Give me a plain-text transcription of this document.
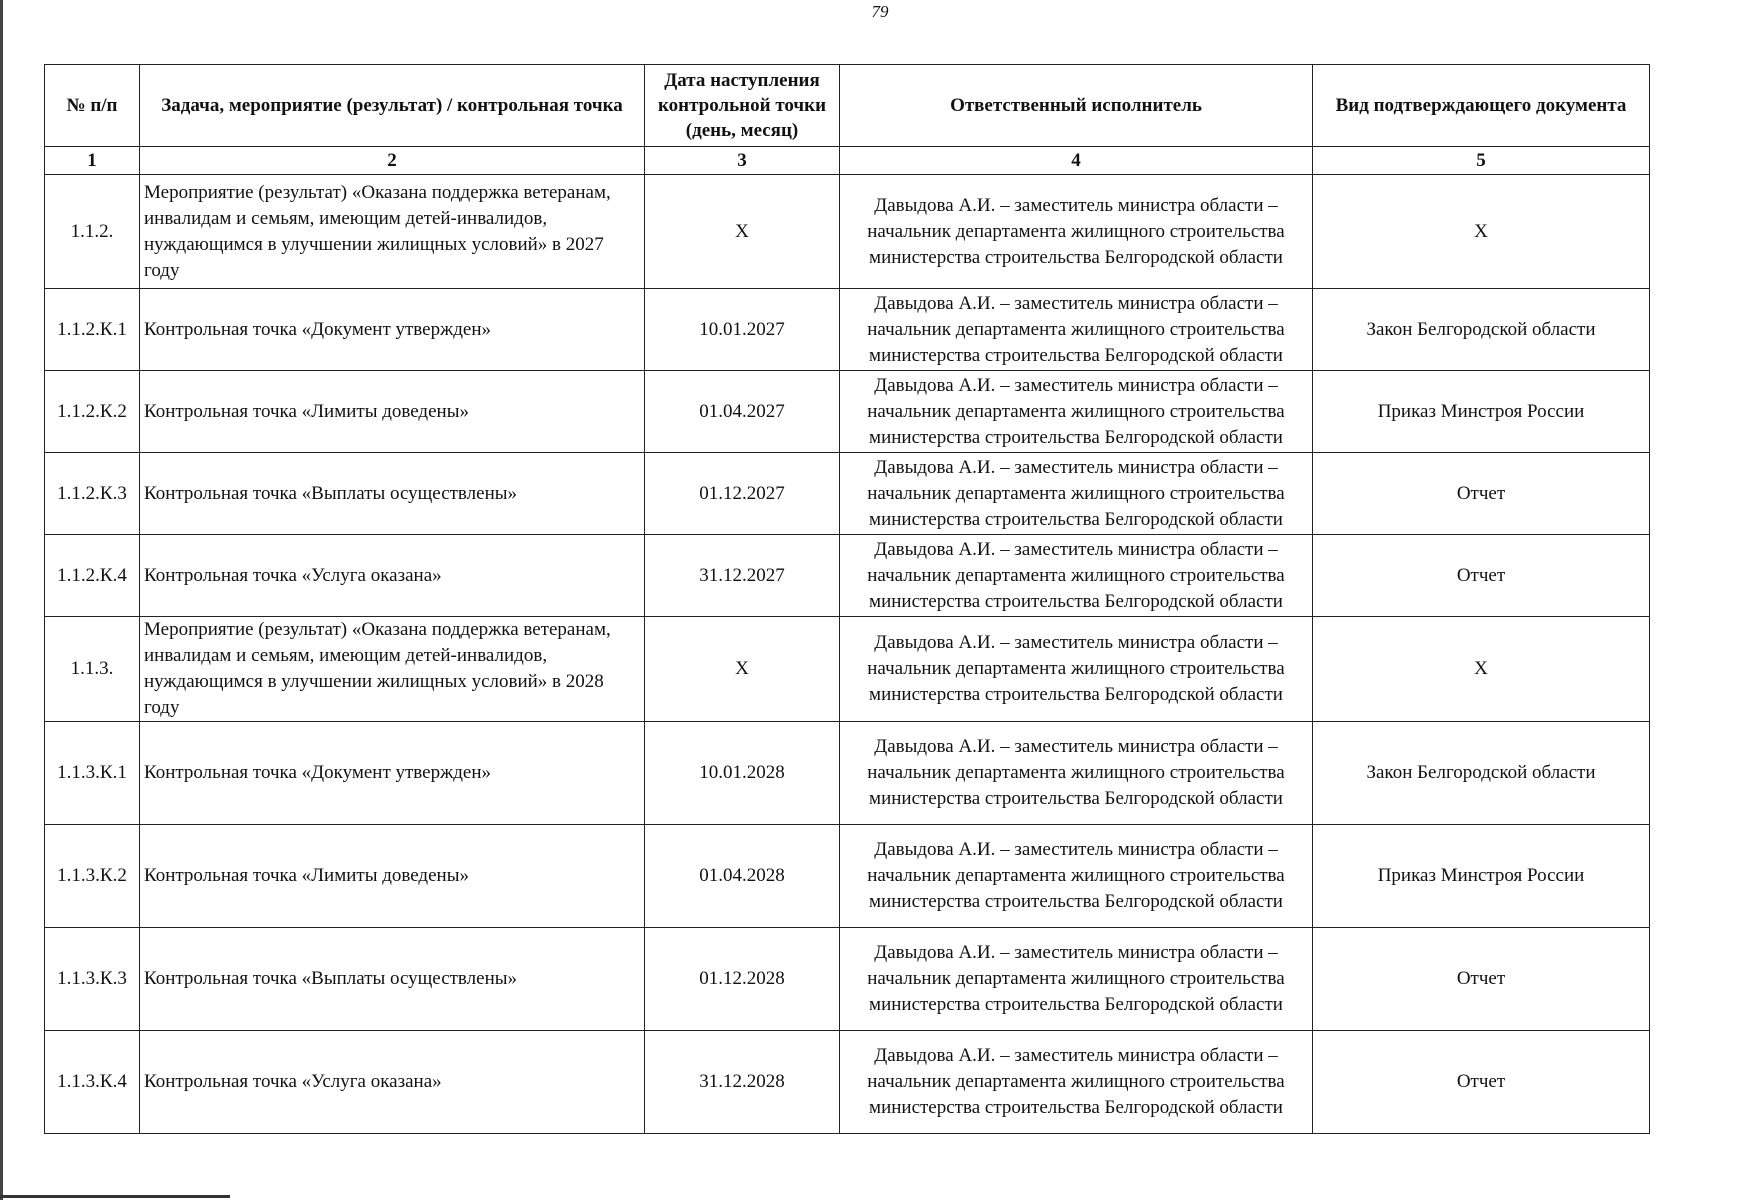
79
№ п/п	Задача, мероприятие (результат) / контрольная точка	Дата наступления контрольной точки (день, месяц)	Ответственный исполнитель	Вид подтверждающего документа
1	2	3	4	5
1.1.2.	Мероприятие (результат) «Оказана поддержка ветеранам, инвалидам и семьям, имеющим детей-инвалидов, нуждающимся в улучшении жилищных условий» в 2027 году	X	Давыдова А.И. – заместитель министра области – начальник департамента жилищного строительства министерства строительства Белгородской области	X
1.1.2.К.1	Контрольная точка «Документ утвержден»	10.01.2027	Давыдова А.И. – заместитель министра области – начальник департамента жилищного строительства министерства строительства Белгородской области	Закон Белгородской области
1.1.2.К.2	Контрольная точка «Лимиты доведены»	01.04.2027	Давыдова А.И. – заместитель министра области – начальник департамента жилищного строительства министерства строительства Белгородской области	Приказ Минстроя России
1.1.2.К.3	Контрольная точка «Выплаты осуществлены»	01.12.2027	Давыдова А.И. – заместитель министра области – начальник департамента жилищного строительства министерства строительства Белгородской области	Отчет
1.1.2.К.4	Контрольная точка «Услуга оказана»	31.12.2027	Давыдова А.И. – заместитель министра области – начальник департамента жилищного строительства министерства строительства Белгородской области	Отчет
1.1.3.	Мероприятие (результат) «Оказана поддержка ветеранам, инвалидам и семьям, имеющим детей-инвалидов, нуждающимся в улучшении жилищных условий» в 2028 году	X	Давыдова А.И. – заместитель министра области – начальник департамента жилищного строительства министерства строительства Белгородской области	X
1.1.3.К.1	Контрольная точка «Документ утвержден»	10.01.2028	Давыдова А.И. – заместитель министра области – начальник департамента жилищного строительства министерства строительства Белгородской области	Закон Белгородской области
1.1.3.К.2	Контрольная точка «Лимиты доведены»	01.04.2028	Давыдова А.И. – заместитель министра области – начальник департамента жилищного строительства министерства строительства Белгородской области	Приказ Минстроя России
1.1.3.К.3	Контрольная точка «Выплаты осуществлены»	01.12.2028	Давыдова А.И. – заместитель министра области – начальник департамента жилищного строительства министерства строительства Белгородской области	Отчет
1.1.3.К.4	Контрольная точка «Услуга оказана»	31.12.2028	Давыдова А.И. – заместитель министра области – начальник департамента жилищного строительства министерства строительства Белгородской области	Отчет
